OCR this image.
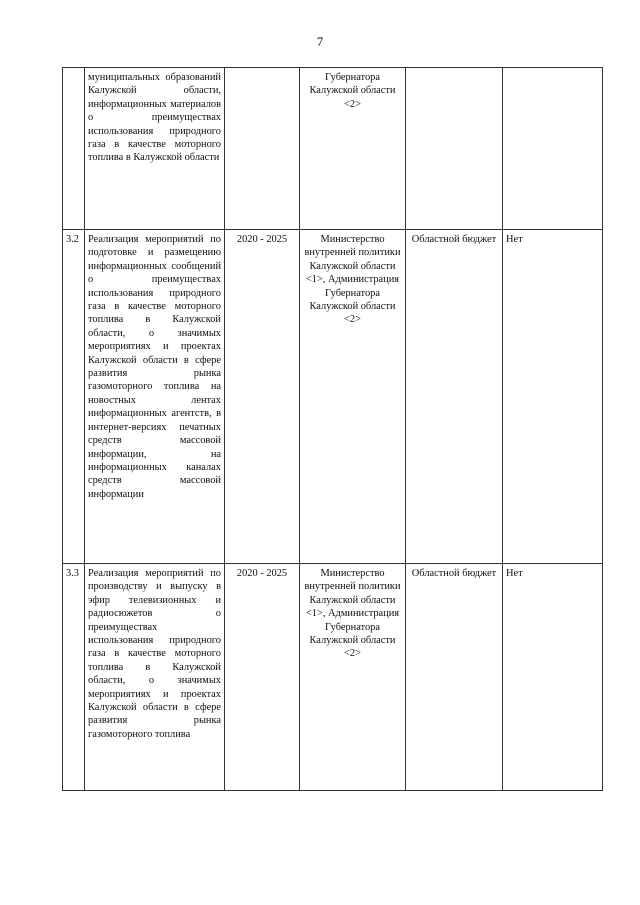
7
	муниципальных образований Калужской области, информационных материалов о преимуществах использования природного газа в качестве моторного топлива в Калужской области		Губернатора Калужской области <2>		
3.2	Реализация мероприятий по подготовке и размещению информационных сообщений о преимуществах использования природного газа в качестве моторного топлива в Калужской области, о значимых мероприятиях и проектах Калужской области в сфере развития рынка газомоторного топлива на новостных лентах информационных агентств, в интернет-версиях печатных средств массовой информации, на информационных каналах средств массовой информации	2020 - 2025	Министерство внутренней политики Калужской области <1>, Администрация Губернатора Калужской области <2>	Областной бюджет	Нет
3.3	Реализация мероприятий по производству и выпуску в эфир телевизионных и радиосюжетов о преимуществах использования природного газа в качестве моторного топлива в Калужской области, о значимых мероприятиях и проектах Калужской области в сфере развития рынка газомоторного топлива	2020 - 2025	Министерство внутренней политики Калужской области <1>, Администрация Губернатора Калужской области <2>	Областной бюджет	Нет
